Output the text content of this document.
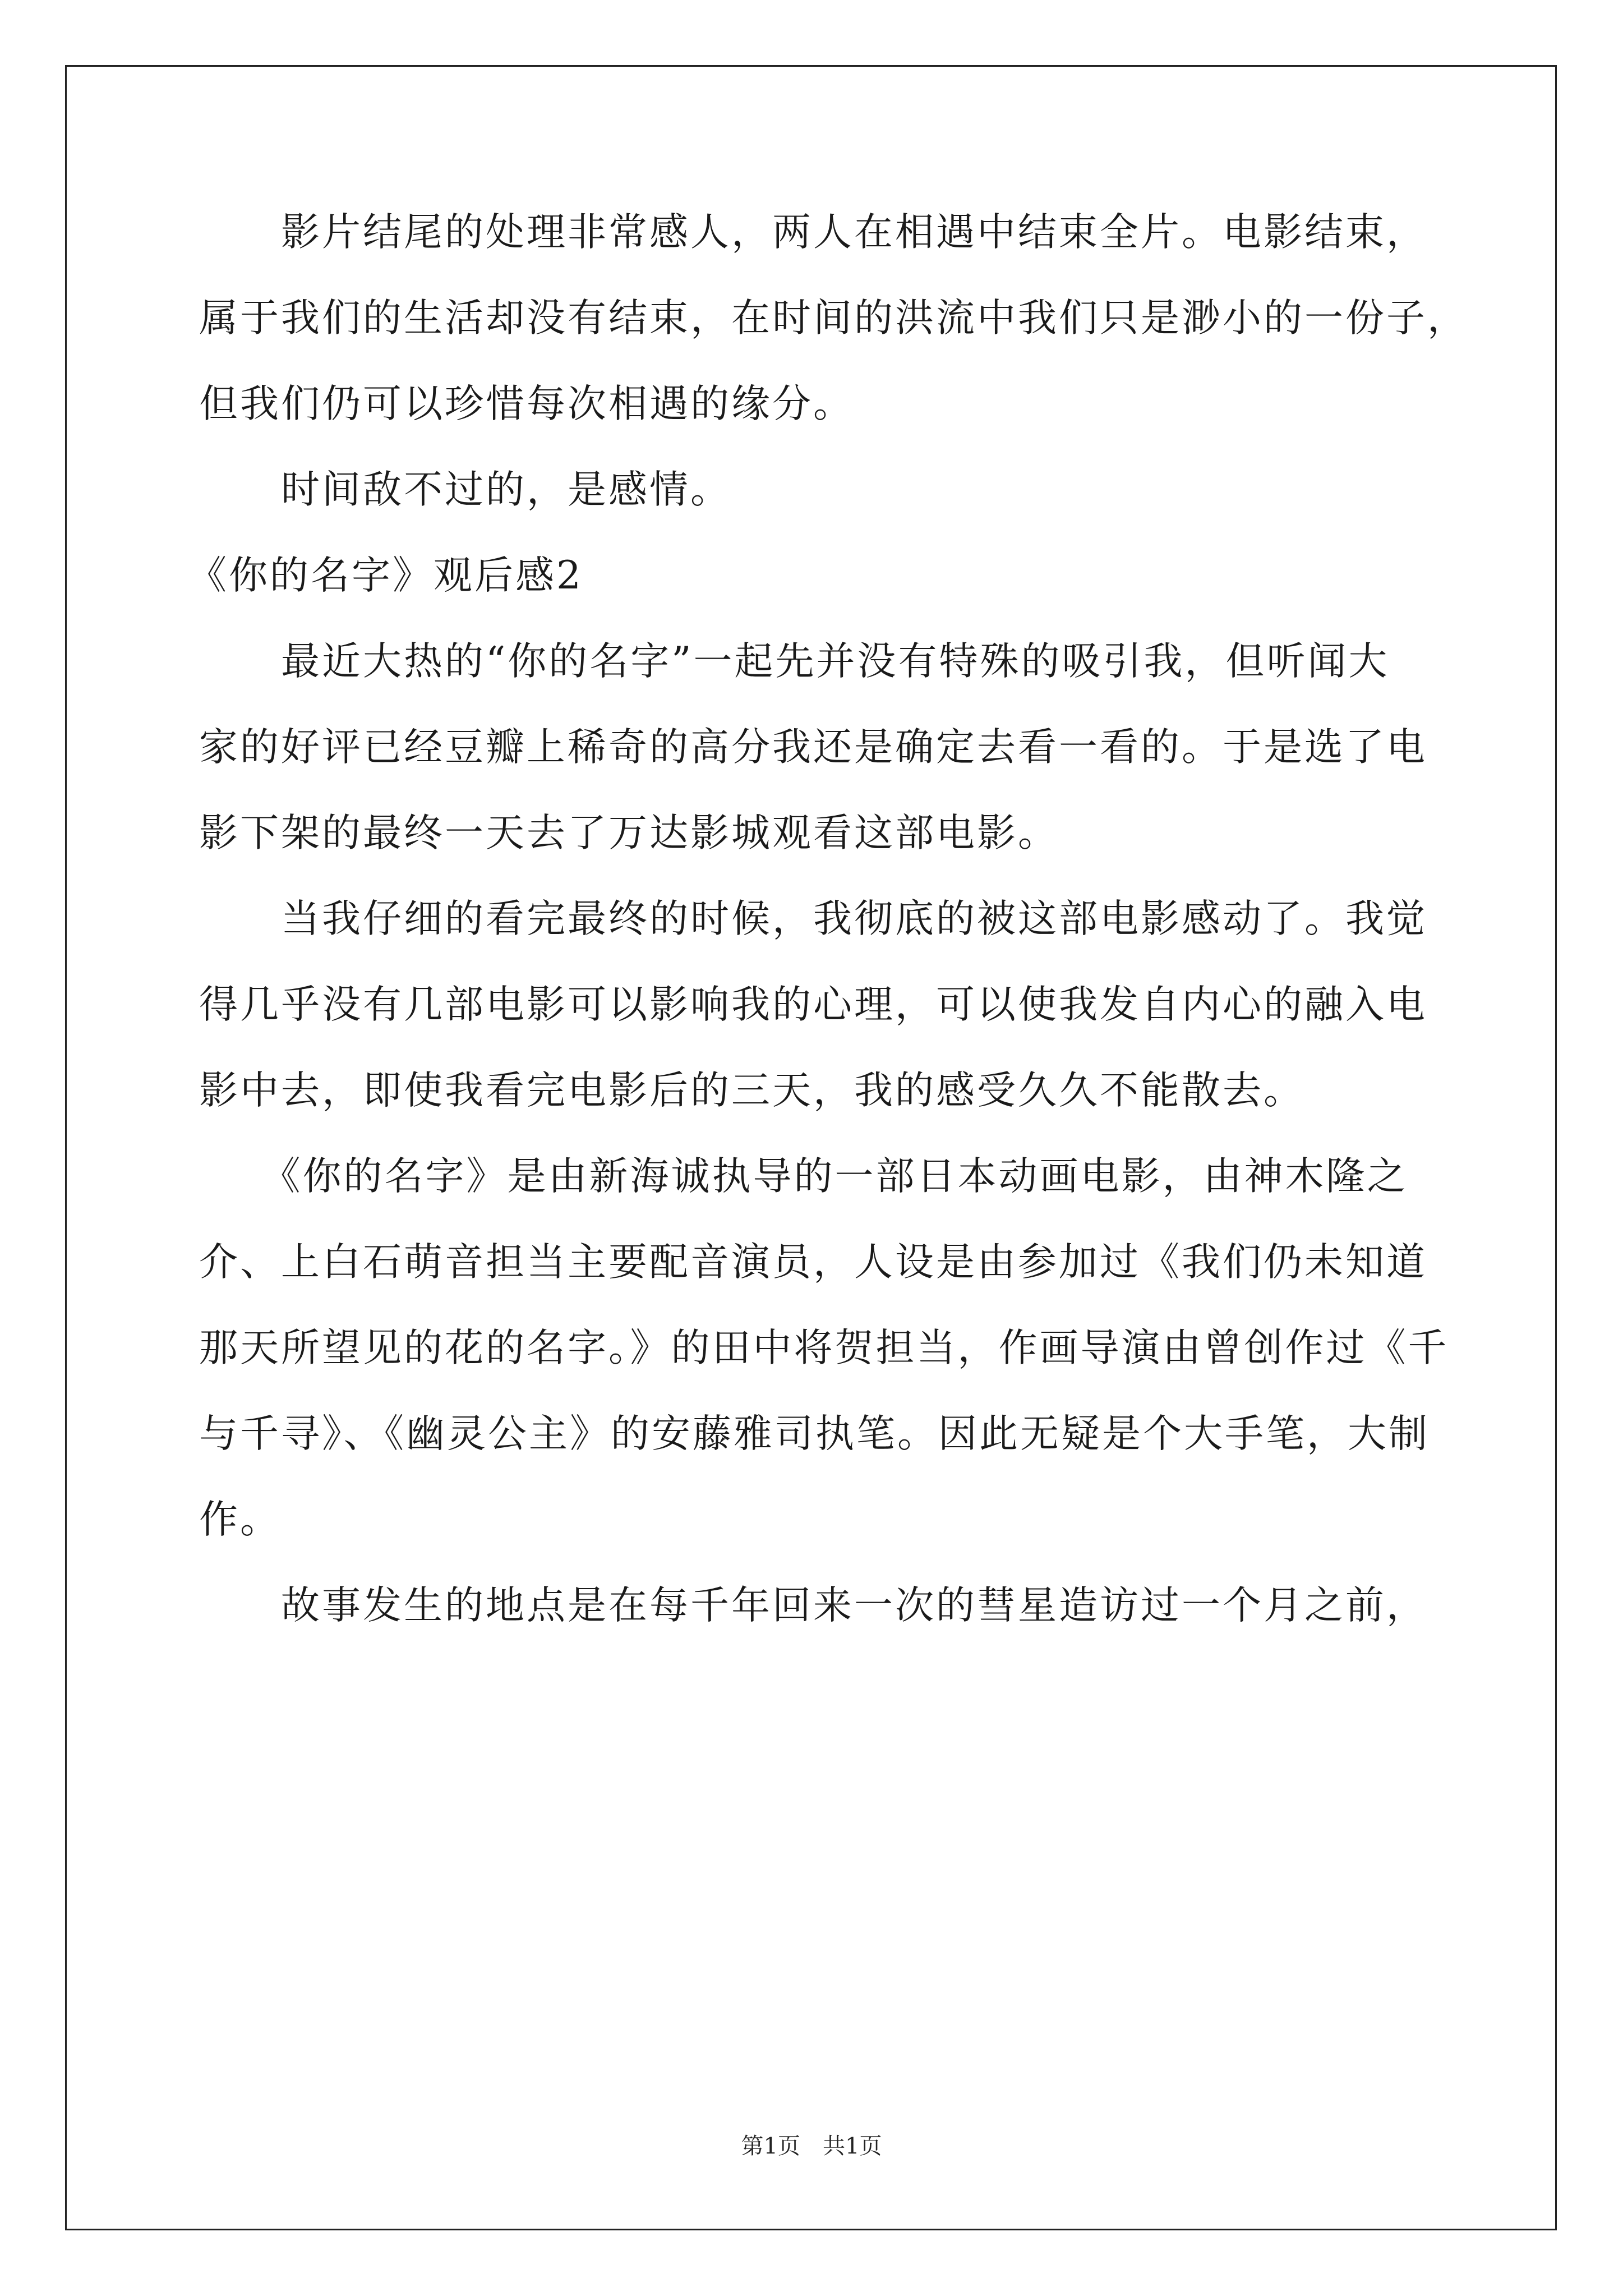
　　影片结尾的处理非常感人，两人在相遇中结束全片。电影结束，
属于我们的生活却没有结束，在时间的洪流中我们只是渺小的一份子，
但我们仍可以珍惜每次相遇的缘分。
　　时间敌不过的，是感情。
《你的名字》观后感2
　　最近大热的“你的名字”一起先并没有特殊的吸引我，但听闻大
家的好评已经豆瓣上稀奇的高分我还是确定去看一看的。于是选了电
影下架的最终一天去了万达影城观看这部电影。
　　当我仔细的看完最终的时候，我彻底的被这部电影感动了。我觉
得几乎没有几部电影可以影响我的心理，可以使我发自内心的融入电
影中去，即使我看完电影后的三天，我的感受久久不能散去。
　　《你的名字》是由新海诚执导的一部日本动画电影，由神木隆之
介、上白石萌音担当主要配音演员，人设是由参加过《我们仍未知道
那天所望见的花的名字。》的田中将贺担当，作画导演由曾创作过《千
与千寻》、《幽灵公主》的安藤雅司执笔。因此无疑是个大手笔，大制
作。
　　故事发生的地点是在每千年回来一次的彗星造访过一个月之前，
第1页　共1页
